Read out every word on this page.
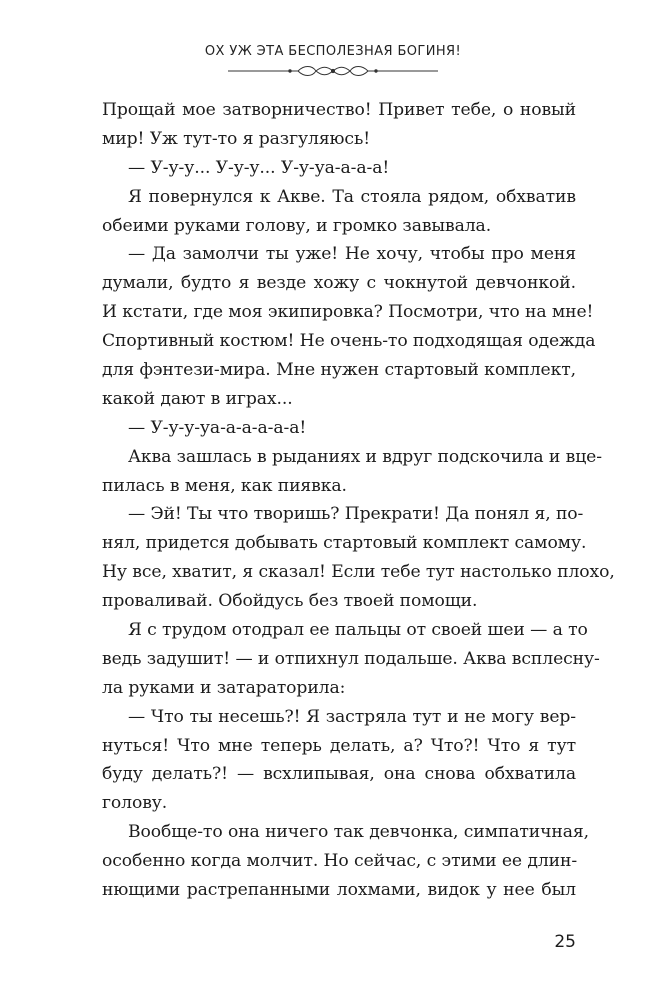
ОХ УЖ ЭТА БЕСПОЛЕЗНАЯ БОГИНЯ!
Прощай мое затворничество! Привет тебе, о новый
мир! Уж тут-то я разгуляюсь!
— У-у-у... У-у-у... У-у-уа-а-а-а!
Я повернулся к Акве. Та стояла рядом, обхватив
обеими руками голову, и громко завывала.
— Да замолчи ты уже! Не хочу, чтобы про меня
думали, будто я везде хожу с чокнутой девчонкой.
И кстати, где моя экипировка? Посмотри, что на мне!
Спортивный костюм! Не очень-то подходящая одежда
для фэнтези-мира. Мне нужен стартовый комплект,
какой дают в играх...
— У-у-у-уа-а-а-а-а-а!
Аква зашлась в рыданиях и вдруг подскочила и вце-
пилась в меня, как пиявка.
— Эй! Ты что творишь? Прекрати! Да понял я, по-
нял, придется добывать стартовый комплект самому.
Ну все, хватит, я сказал! Если тебе тут настолько плохо,
проваливай. Обойдусь без твоей помощи.
Я с трудом отодрал ее пальцы от своей шеи — а то
ведь задушит! — и отпихнул подальше. Аква всплесну-
ла руками и затараторила:
— Что ты несешь?! Я застряла тут и не могу вер-
нуться! Что мне теперь делать, а? Что?! Что я тут
буду делать?! — всхлипывая, она снова обхватила
голову.
Вообще-то она ничего так девчонка, симпатичная,
особенно когда молчит. Но сейчас, с этими ее длин-
нющими растрепанными лохмами, видок у нее был
25
